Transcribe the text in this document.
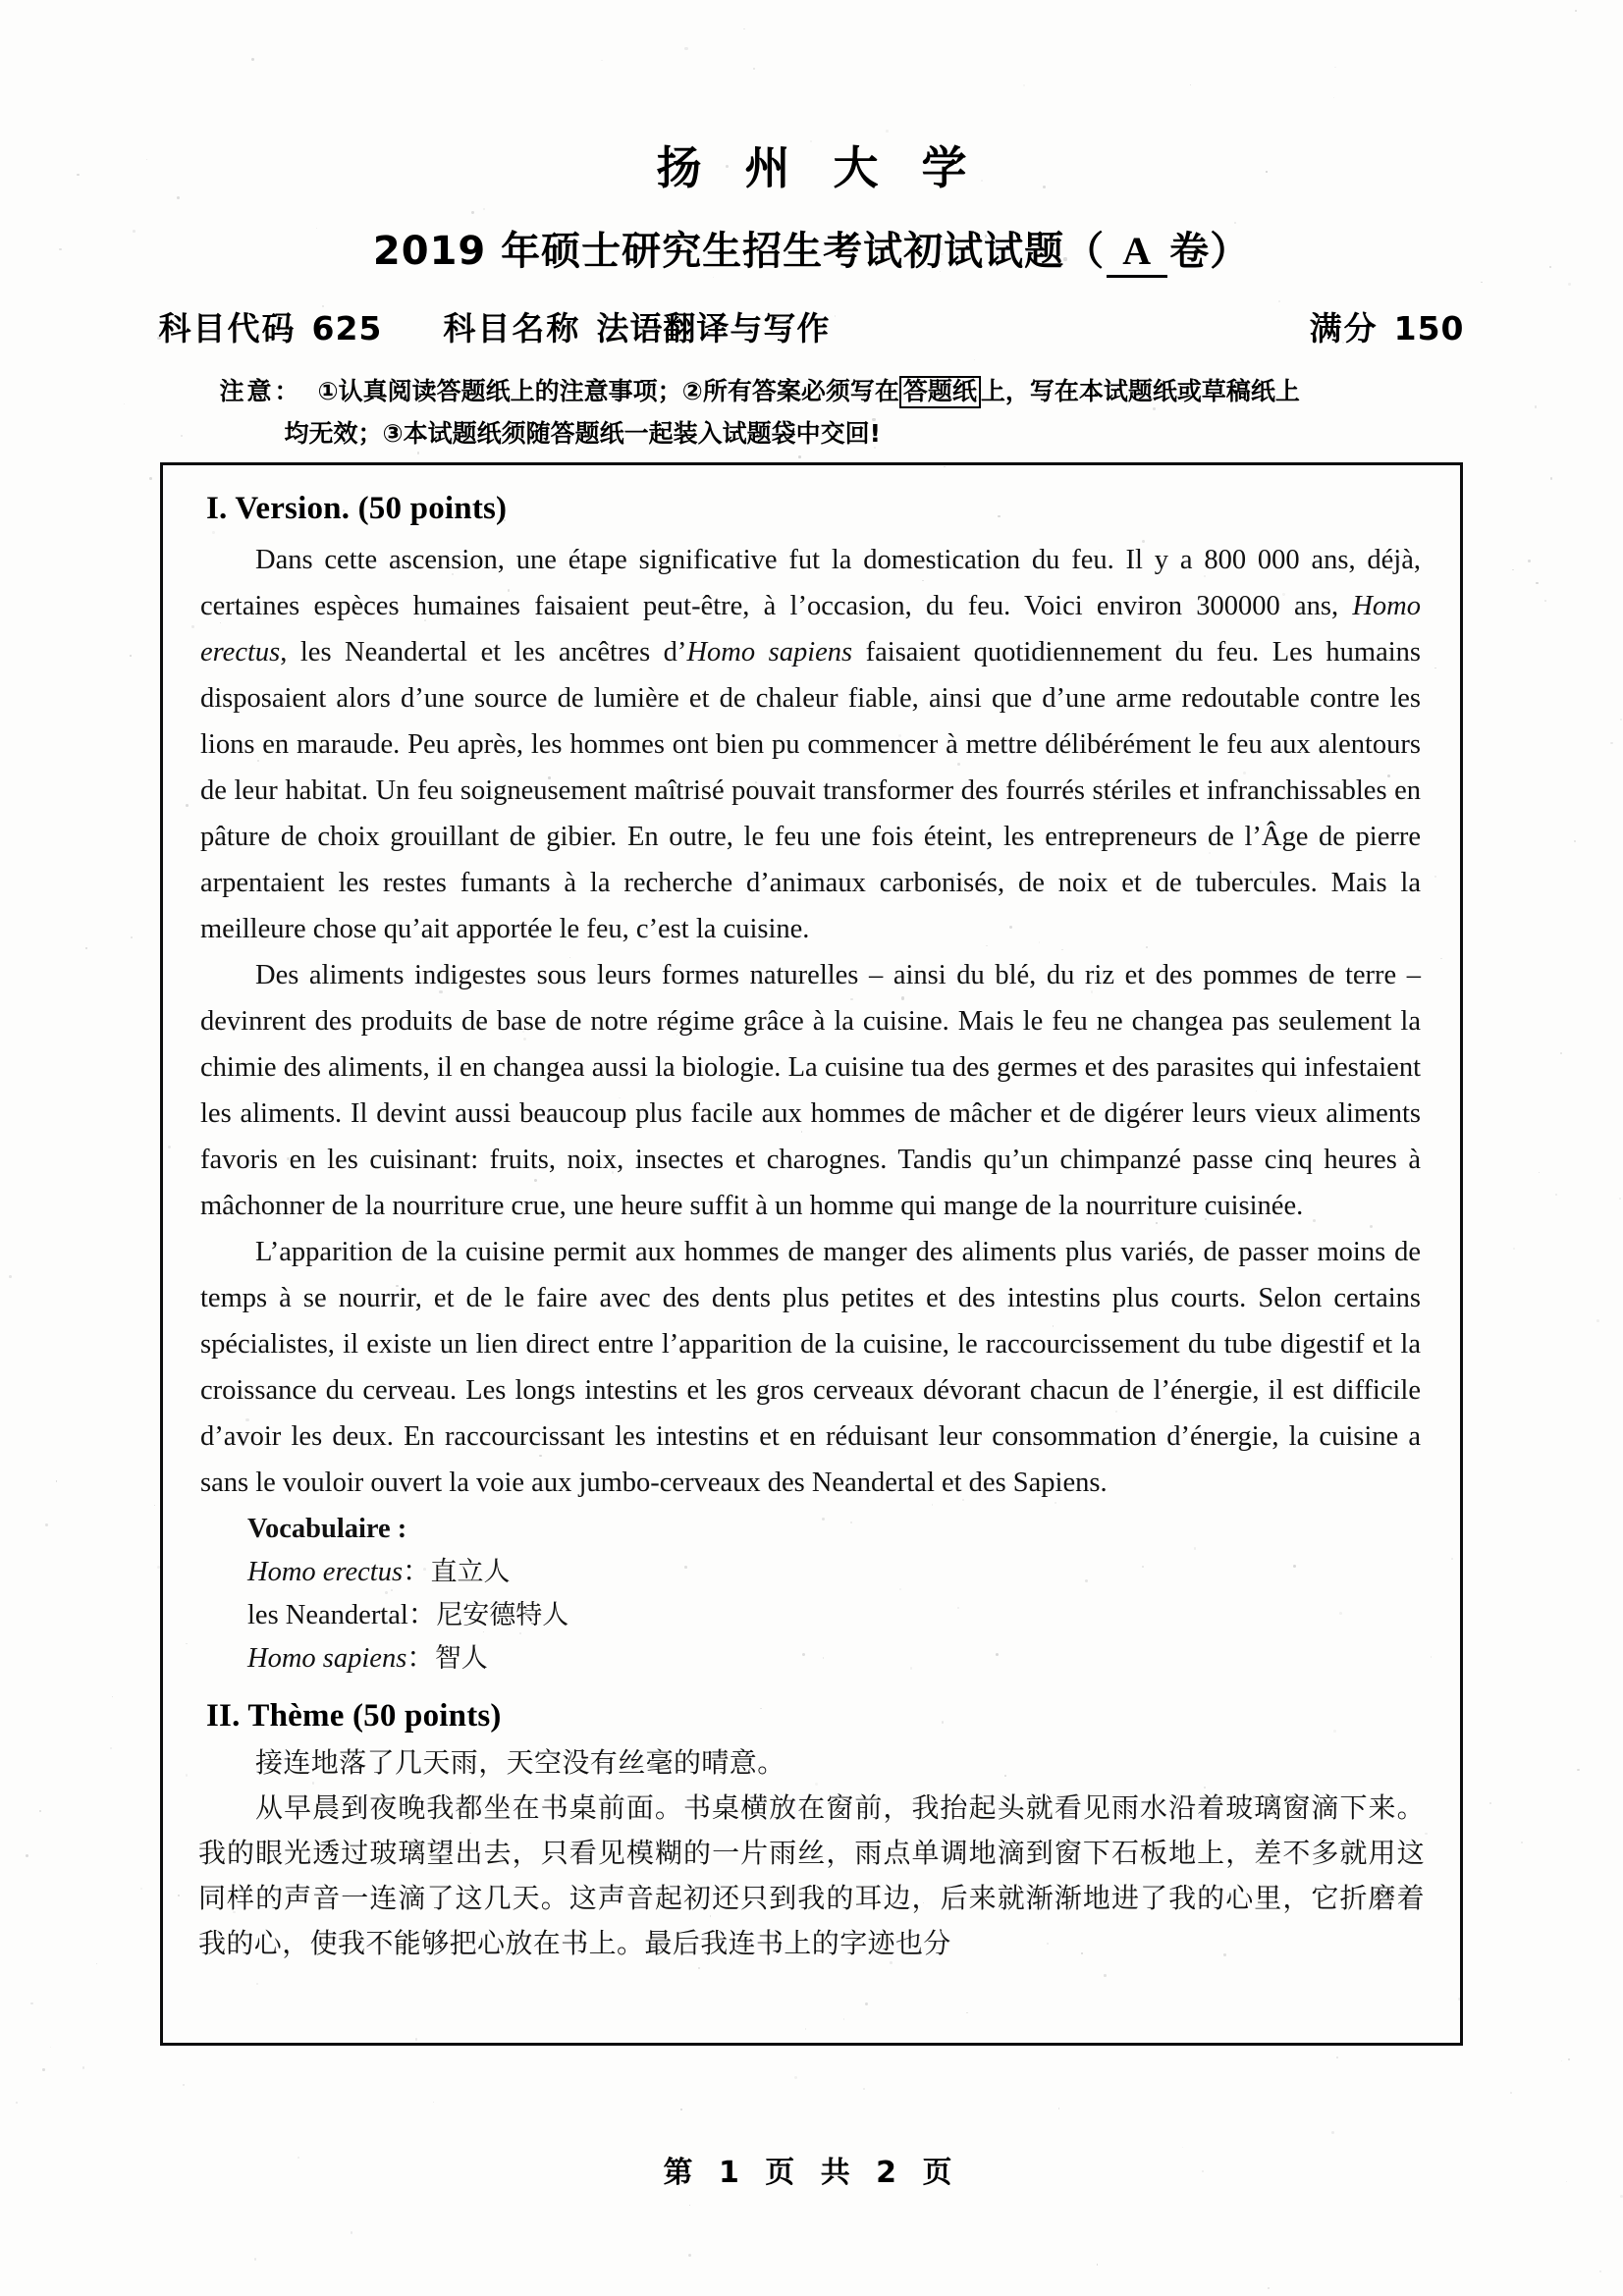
扬 州 大 学
2019 年硕士研究生招生考试初试试题（ A 卷）
科目代码 625 科目名称 法语翻译与写作	满分 150
注意： ①认真阅读答题纸上的注意事项；②所有答案必须写在 答题纸 上，写在本试题纸或草稿纸上
均无效；③本试题纸须随答题纸一起装入试题袋中交回!
I. Version. (50 points)

Dans cette ascension, une étape significative fut la domestication du feu. Il y a 800 000 ans, déjà, certaines espèces humaines faisaient peut-être, à l’occasion, du feu. Voici environ 300000 ans, Homo erectus, les Neandertal et les ancêtres d’Homo sapiens faisaient quotidiennement du feu. Les humains disposaient alors d’une source de lumière et de chaleur fiable, ainsi que d’une arme redoutable contre les lions en maraude. Peu après, les hommes ont bien pu commencer à mettre délibérément le feu aux alentours de leur habitat. Un feu soigneusement maîtrisé pouvait transformer des fourrés stériles et infranchissables en pâture de choix grouillant de gibier. En outre, le feu une fois éteint, les entrepreneurs de l’Âge de pierre arpentaient les restes fumants à la recherche d’animaux carbonisés, de noix et de tubercules. Mais la meilleure chose qu’ait apportée le feu, c’est la cuisine.

Des aliments indigestes sous leurs formes naturelles – ainsi du blé, du riz et des pommes de terre – devinrent des produits de base de notre régime grâce à la cuisine. Mais le feu ne changea pas seulement la chimie des aliments, il en changea aussi la biologie. La cuisine tua des germes et des parasites qui infestaient les aliments. Il devint aussi beaucoup plus facile aux hommes de mâcher et de digérer leurs vieux aliments favoris en les cuisinant: fruits, noix, insectes et charognes. Tandis qu’un chimpanzé passe cinq heures à mâchonner de la nourriture crue, une heure suffit à un homme qui mange de la nourriture cuisinée.

L’apparition de la cuisine permit aux hommes de manger des aliments plus variés, de passer moins de temps à se nourrir, et de le faire avec des dents plus petites et des intestins plus courts. Selon certains spécialistes, il existe un lien direct entre l’apparition de la cuisine, le raccourcissement du tube digestif et la croissance du cerveau. Les longs intestins et les gros cerveaux dévorant chacun de l’énergie, il est difficile d’avoir les deux. En raccourcissant les intestins et en réduisant leur consommation d’énergie, la cuisine a sans le vouloir ouvert la voie aux jumbo-cerveaux des Neandertal et des Sapiens.

Vocabulaire :
Homo erectus：直立人
les Neandertal：尼安德特人
Homo sapiens：智人
II. Thème (50 points)

接连地落了几天雨，天空没有丝毫的晴意。

从早晨到夜晚我都坐在书桌前面。书桌横放在窗前，我抬起头就看见雨水沿着玻璃窗滴下来。我的眼光透过玻璃望出去，只看见模糊的一片雨丝，雨点单调地滴到窗下石板地上，差不多就用这同样的声音一连滴了这几天。这声音起初还只到我的耳边，后来就渐渐地进了我的心里，它折磨着我的心，使我不能够把心放在书上。最后我连书上的字迹也分

第 1 页 共 2 页
